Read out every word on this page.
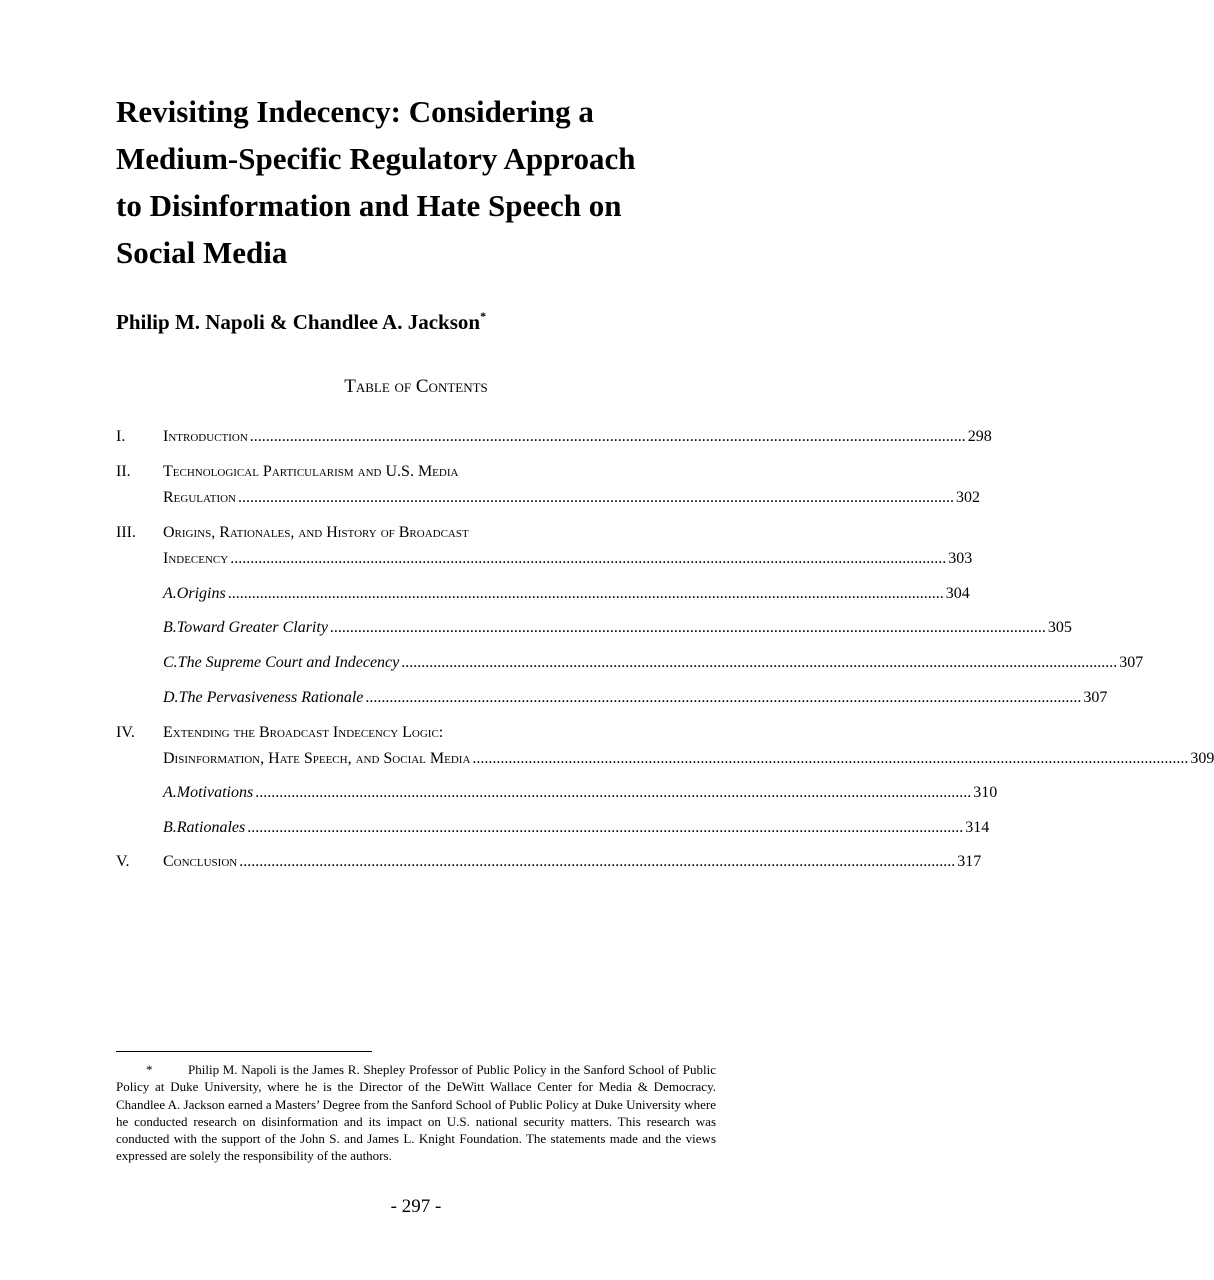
Revisiting Indecency: Considering a
Medium-Specific Regulatory Approach
to Disinformation and Hate Speech on
Social Media

Philip M. Napoli & Chandlee A. Jackson*

Table of Contents

I. Introduction ................................................................................................................................................................................... 298
II. Technological Particularism and U.S. Media
Regulation ................................................................................................................................................................................... 302
III. Origins, Rationales, and History of Broadcast
Indecency ................................................................................................................................................................................... 303
A. Origins ................................................................................................................................................................................... 304
B. Toward Greater Clarity ................................................................................................................................................................................... 305
C. The Supreme Court and Indecency ................................................................................................................................................................................... 307
D. The Pervasiveness Rationale ................................................................................................................................................................................... 307
IV. Extending the Broadcast Indecency Logic:
Disinformation, Hate Speech, and Social Media ................................................................................................................................................................................... 309
A. Motivations ................................................................................................................................................................................... 310
B. Rationales ................................................................................................................................................................................... 314
V. Conclusion ................................................................................................................................................................................... 317

*	Philip M. Napoli is the James R. Shepley Professor of Public Policy in the Sanford School of Public Policy at Duke University, where he is the Director of the DeWitt Wallace Center for Media & Democracy. Chandlee A. Jackson earned a Masters’ Degree from the Sanford School of Public Policy at Duke University where he conducted research on disinformation and its impact on U.S. national security matters. This research was conducted with the support of the John S. and James L. Knight Foundation. The statements made and the views expressed are solely the responsibility of the authors.

- 297 -
